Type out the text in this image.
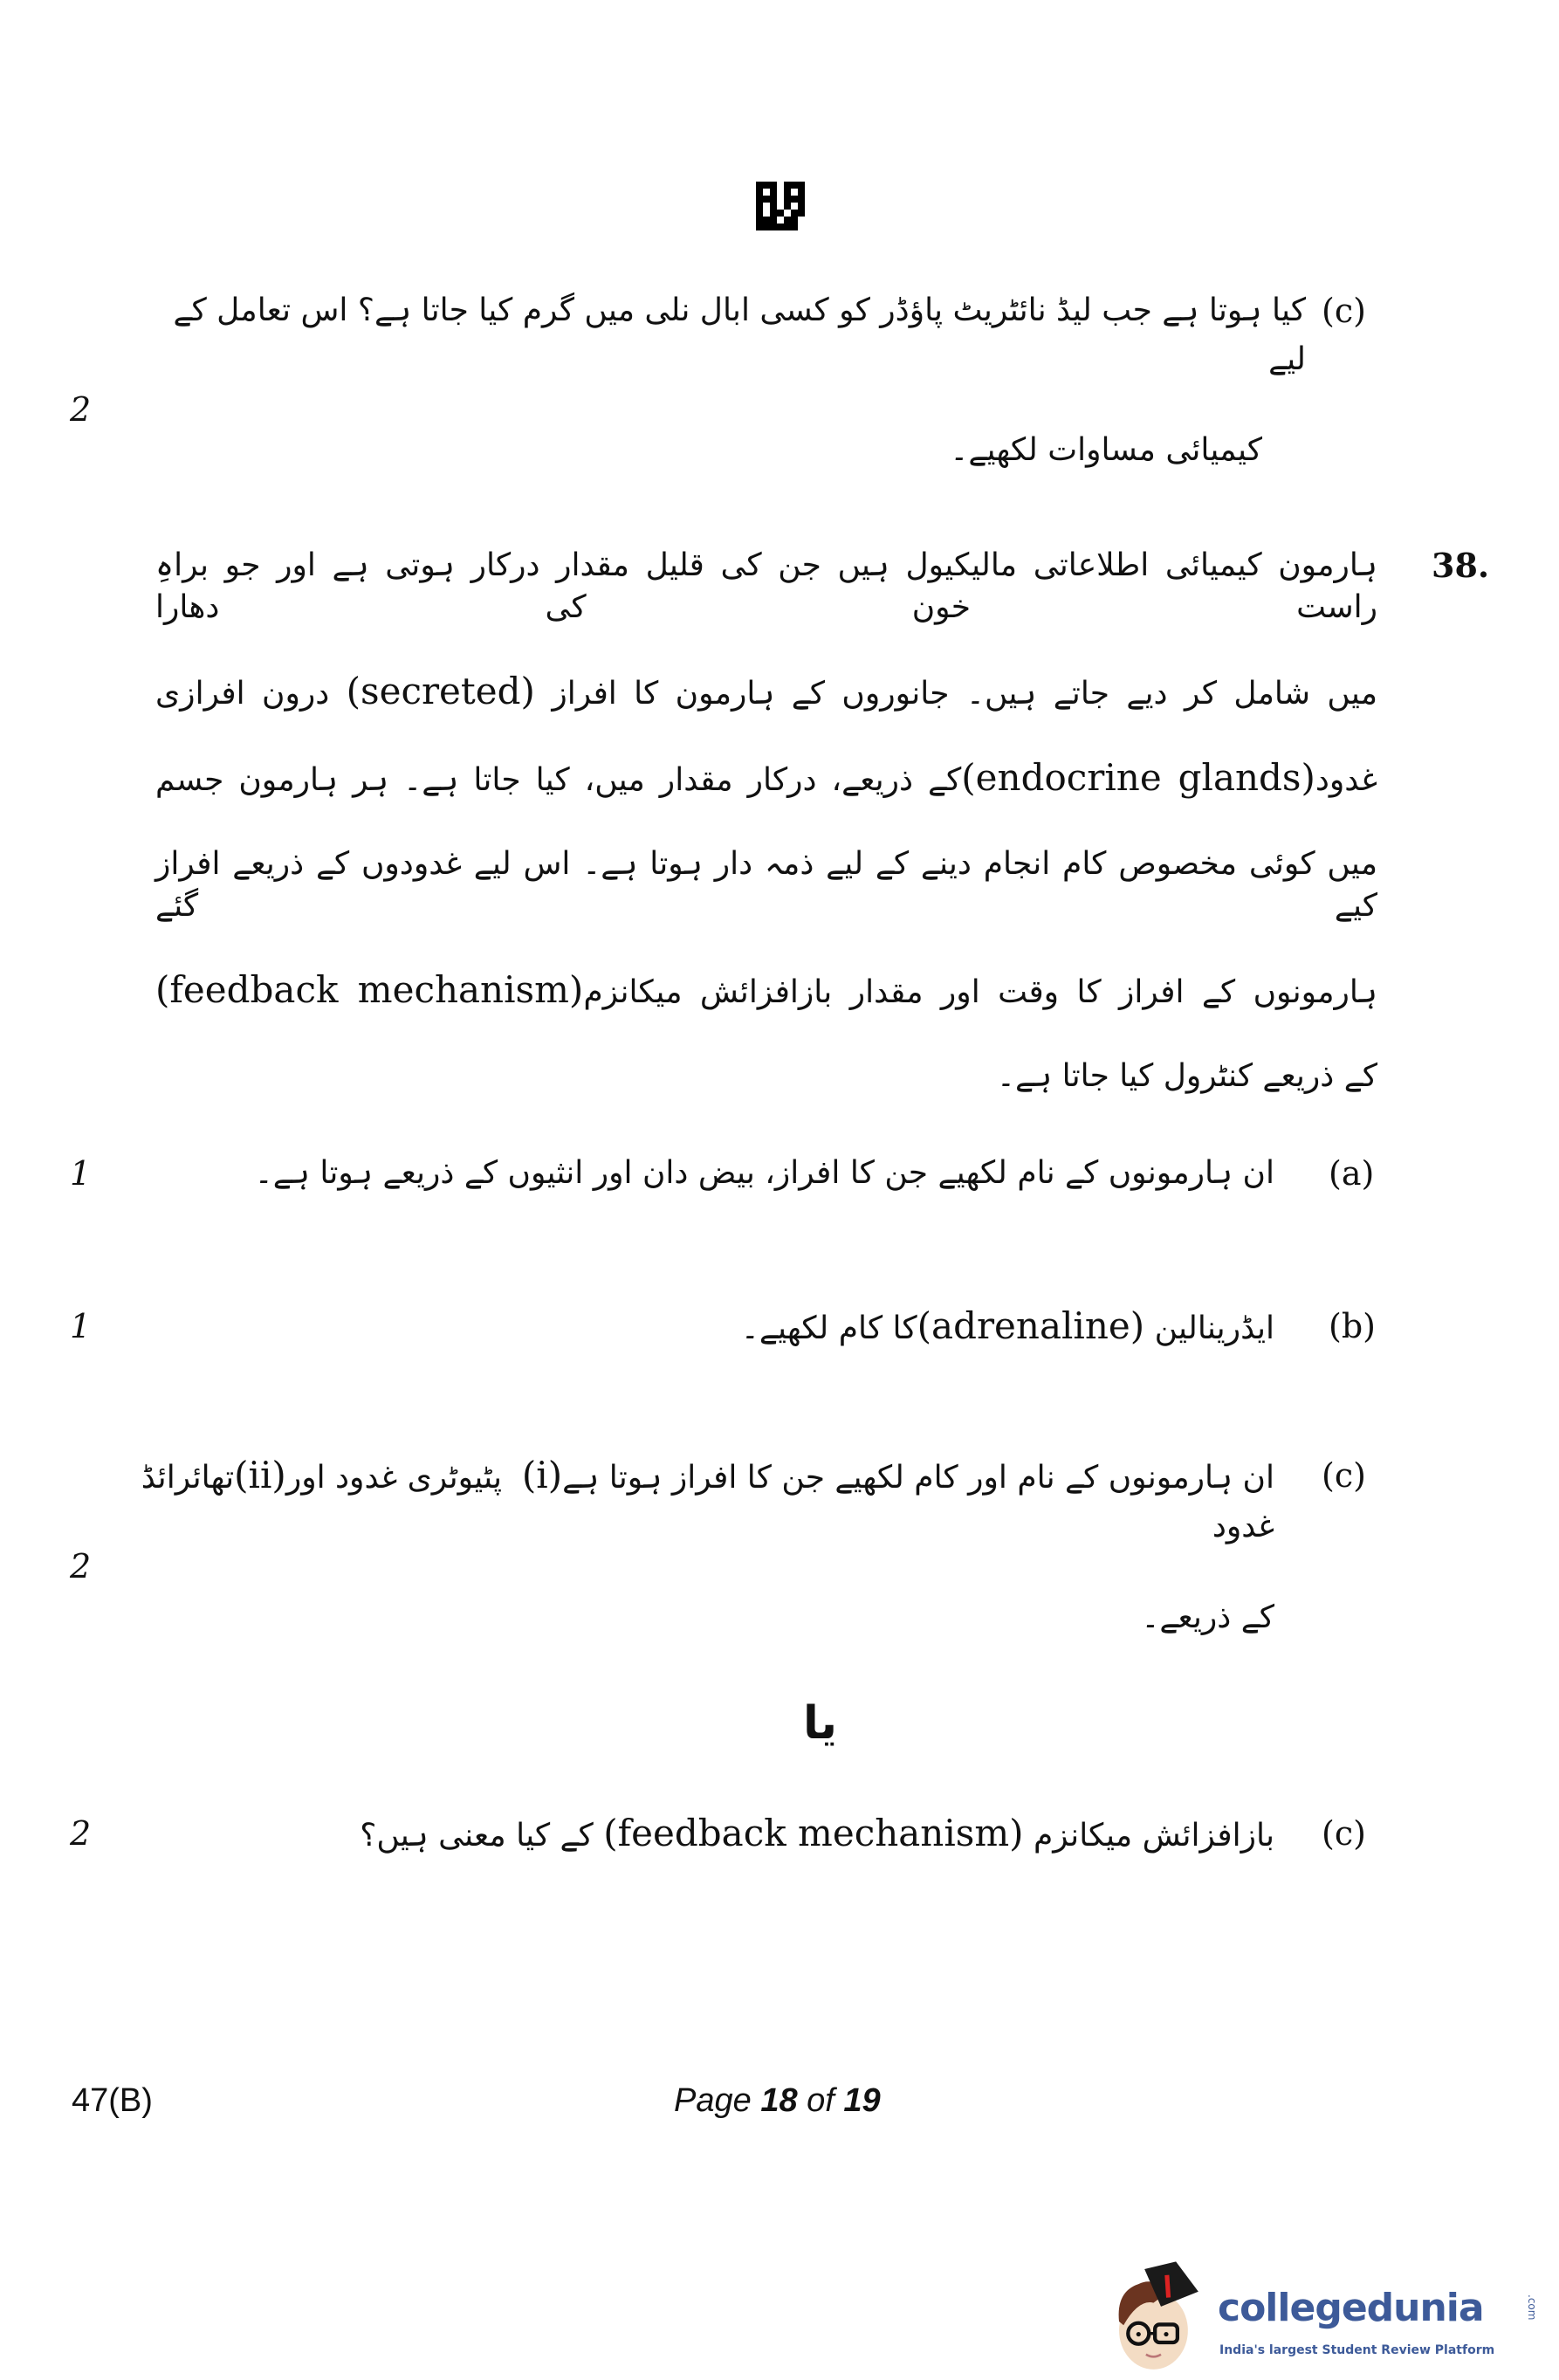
(c)
کیا ہوتا ہے جب لیڈ نائٹریٹ پاؤڈر کو کسی ابال نلی میں گرم کیا جاتا ہے؟ اس تعامل کے لیے
کیمیائی مساوات لکھیے۔
2
38.
ہارمون کیمیائی اطلاعاتی مالیکیول ہیں جن کی قلیل مقدار درکار ہوتی ہے اور جو براہِ راست خون کی دھارا
میں شامل کر دیے جاتے ہیں۔ جانوروں کے ہارمون کا افراز (secreted) درون افرازی
غدود(endocrine glands)کے ذریعے، درکار مقدار میں، کیا جاتا ہے۔ ہر ہارمون جسم
میں کوئی مخصوص کام انجام دینے کے لیے ذمہ دار ہوتا ہے۔ اس لیے غدودوں کے ذریعے افراز کیے گئے
ہارمونوں کے افراز کا وقت اور مقدار بازافزائش میکانزم(feedback mechanism)
کے ذریعے کنٹرول کیا جاتا ہے۔
(a)
ان ہارمونوں کے نام لکھیے جن کا افراز، بیض دان اور انثیوں کے ذریعے ہوتا ہے۔
1
(b)
ایڈرینالین (adrenaline)کا کام لکھیے۔
1
(c)
ان ہارمونوں کے نام اور کام لکھیے جن کا افراز ہوتا ہے(i)  پٹیوٹری غدود اور(ii)تھائرائڈ غدود
کے ذریعے۔
2
یا
(c)
بازافزائش میکانزم (feedback mechanism) کے کیا معنی ہیں؟
2
47(B)	Page 18 of 19
collegedunia	.com
India's largest Student Review Platform
